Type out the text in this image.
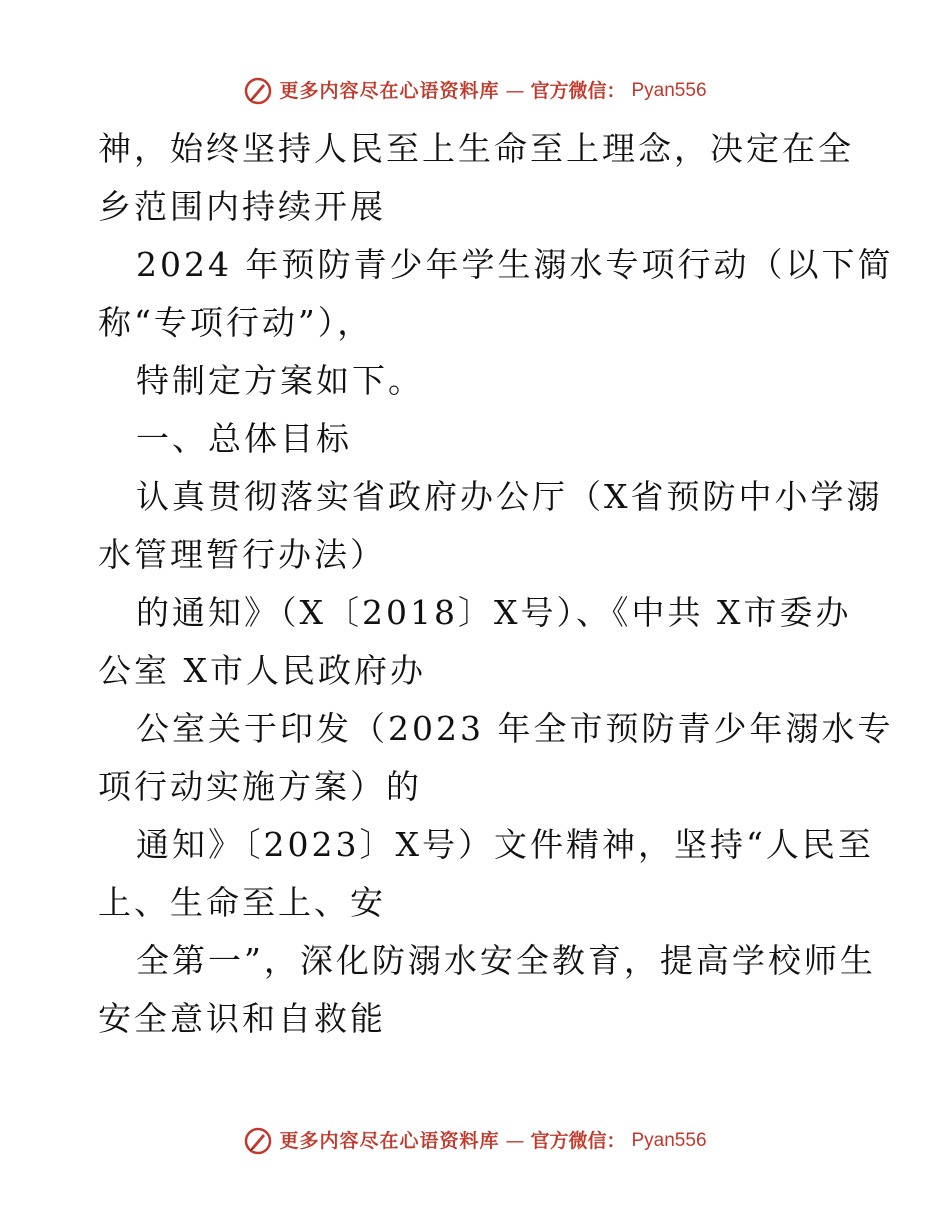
更多内容尽在心语资料库 — 官方微信： Pyan556
神，始终坚持人民至上生命至上理念，决定在全
乡范围内持续开展
2024 年预防青少年学生溺水专项行动（以下简
称“专项行动”），
特制定方案如下。
一、总体目标
认真贯彻落实省政府办公厅（X省预防中小学溺
水管理暂行办法）
的通知》（X〔2018〕X号）、《中共 X市委办
公室 X市人民政府办
公室关于印发（2023 年全市预防青少年溺水专
项行动实施方案）的
通知》〔2023〕X号）文件精神，坚持“人民至
上、生命至上、安
全第一”，深化防溺水安全教育，提高学校师生
安全意识和自救能
更多内容尽在心语资料库 — 官方微信： Pyan556
